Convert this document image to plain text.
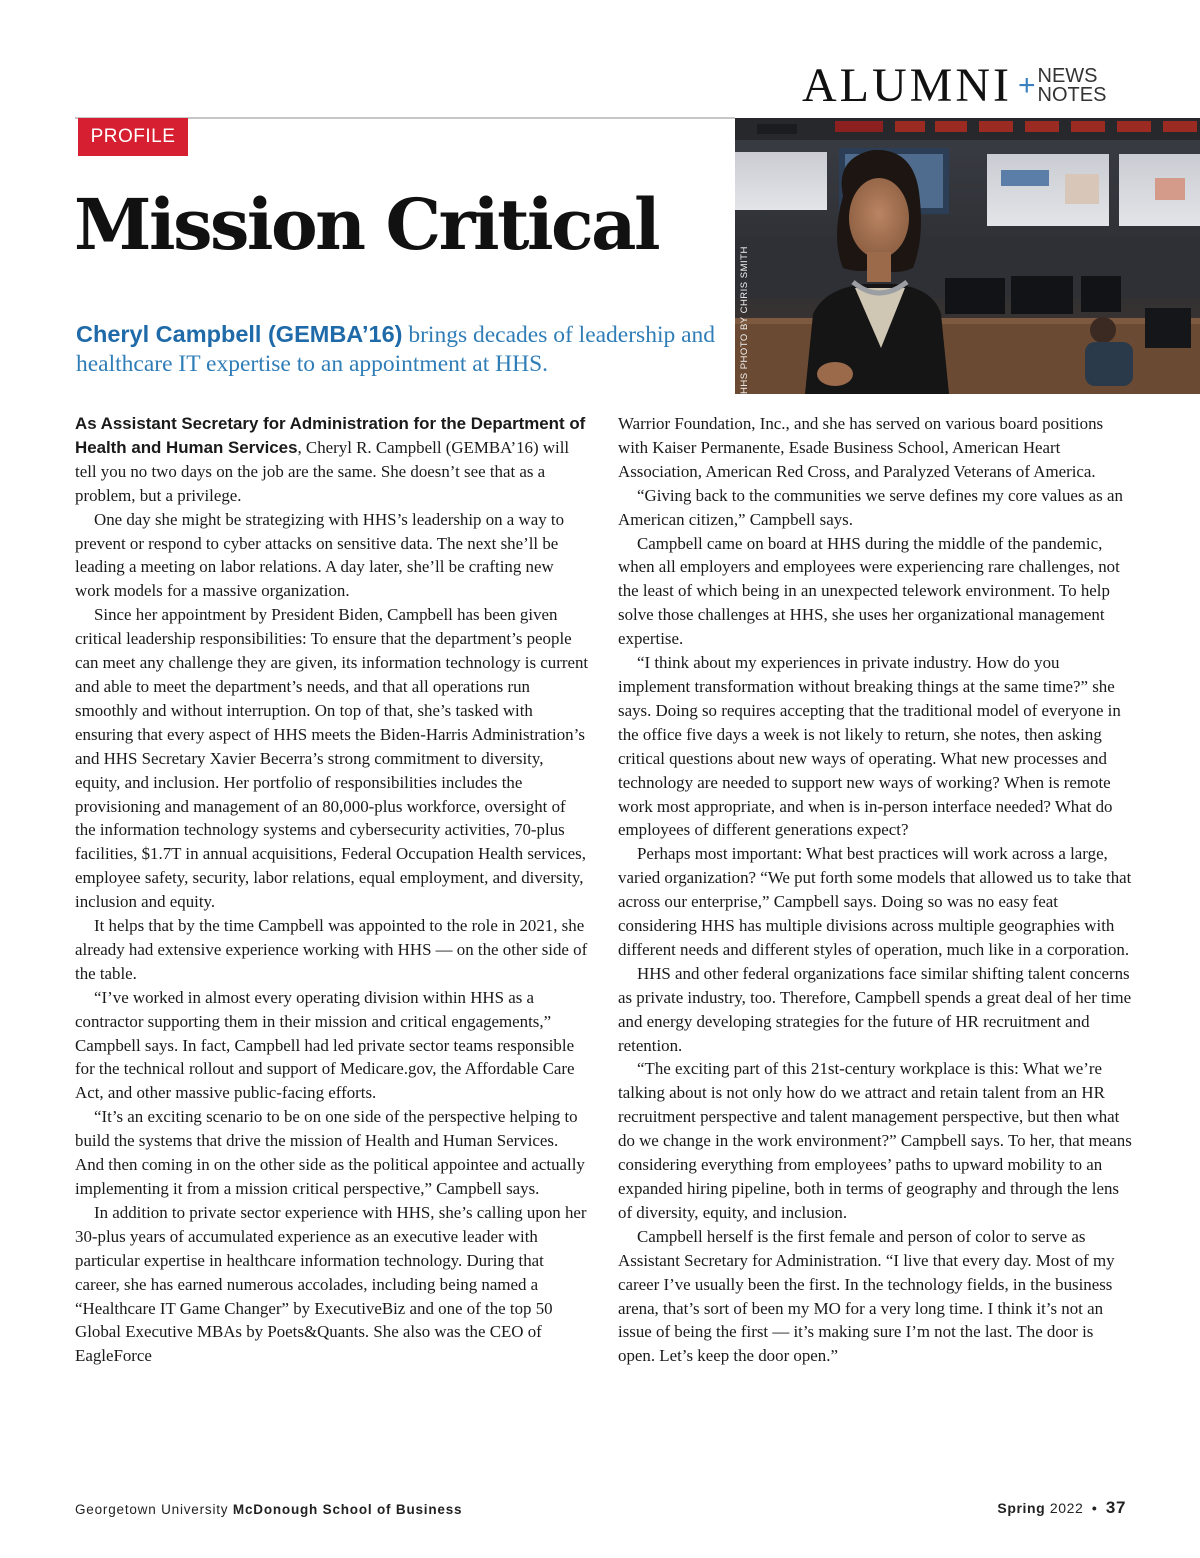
ALUMNI + NEWS
NOTES
PROFILE
Mission Critical

Cheryl Campbell (GEMBA’16) brings decades of leadership and healthcare IT expertise to an appointment at HHS.	HHS PHOTO BY CHRIS SMITH

As Assistant Secretary for Administration for the Department of Health and Human Services, Cheryl R. Campbell (GEMBA’16) will tell you no two days on the job are the same. She doesn’t see that as a problem, but a privilege.

One day she might be strategizing with HHS’s leadership on a way to prevent or respond to cyber attacks on sensitive data. The next she’ll be leading a meeting on labor relations. A day later, she’ll be crafting new work models for a massive organization.

Since her appointment by President Biden, Campbell has been given critical leadership responsibilities: To ensure that the department’s people can meet any challenge they are given, its information technology is current and able to meet the department’s needs, and that all operations run smoothly and without interruption. On top of that, she’s tasked with ensuring that every aspect of HHS meets the Biden-Harris Administration’s and HHS Secretary Xavier Becerra’s strong commitment to diversity, equity, and inclusion. Her portfolio of responsibilities includes the provisioning and management of an 80,000-plus workforce, oversight of the information technology systems and cybersecurity activities, 70-plus facilities, $1.7T in annual acquisitions, Federal Occupation Health services, employee safety, security, labor relations, equal employment, and diversity, inclusion and equity.

It helps that by the time Campbell was appointed to the role in 2021, she already had extensive experience working with HHS — on the other side of the table.

“I’ve worked in almost every operating division within HHS as a contractor supporting them in their mission and critical engagements,” Campbell says. In fact, Campbell had led private sector teams responsible for the technical rollout and support of Medicare.gov, the Affordable Care Act, and other massive public-facing efforts.

“It’s an exciting scenario to be on one side of the perspective helping to build the systems that drive the mission of Health and Human Services. And then coming in on the other side as the political appointee and actually implementing it from a mission critical perspective,” Campbell says.

In addition to private sector experience with HHS, she’s calling upon her 30-plus years of accumulated experience as an executive leader with particular expertise in healthcare information technology. During that career, she has earned numerous accolades, including being named a “Healthcare IT Game Changer” by ExecutiveBiz and one of the top 50 Global Executive MBAs by Poets&Quants. She also was the CEO of EagleForce

Warrior Foundation, Inc., and she has served on various board positions with Kaiser Permanente, Esade Business School, American Heart Association, American Red Cross, and Paralyzed Veterans of America.

“Giving back to the communities we serve defines my core values as an American citizen,” Campbell says.

Campbell came on board at HHS during the middle of the pandemic, when all employers and employees were experiencing rare challenges, not the least of which being in an unexpected telework environment. To help solve those challenges at HHS, she uses her organizational management expertise.

“I think about my experiences in private industry. How do you implement transformation without breaking things at the same time?” she says. Doing so requires accepting that the traditional model of everyone in the office five days a week is not likely to return, she notes, then asking critical questions about new ways of operating. What new processes and technology are needed to support new ways of working? When is remote work most appropriate, and when is in-person interface needed? What do employees of different generations expect?

Perhaps most important: What best practices will work across a large, varied organization? “We put forth some models that allowed us to take that across our enterprise,” Campbell says. Doing so was no easy feat considering HHS has multiple divisions across multiple geographies with different needs and different styles of operation, much like in a corporation.

HHS and other federal organizations face similar shifting talent concerns as private industry, too. Therefore, Campbell spends a great deal of her time and energy developing strategies for the future of HR recruitment and retention.

“The exciting part of this 21st-century workplace is this: What we’re talking about is not only how do we attract and retain talent from an HR recruitment perspective and talent management perspective, but then what do we change in the work environment?” Campbell says. To her, that means considering everything from employees’ paths to upward mobility to an expanded hiring pipeline, both in terms of geography and through the lens of diversity, equity, and inclusion.

Campbell herself is the first female and person of color to serve as Assistant Secretary for Administration. “I live that every day. Most of my career I’ve usually been the first. In the technology fields, in the business arena, that’s sort of been my MO for a very long time. I think it’s not an issue of being the first — it’s making sure I’m not the last. The door is open. Let’s keep the door open.”

Georgetown University McDonough School of Business	Spring 2022 • 37
